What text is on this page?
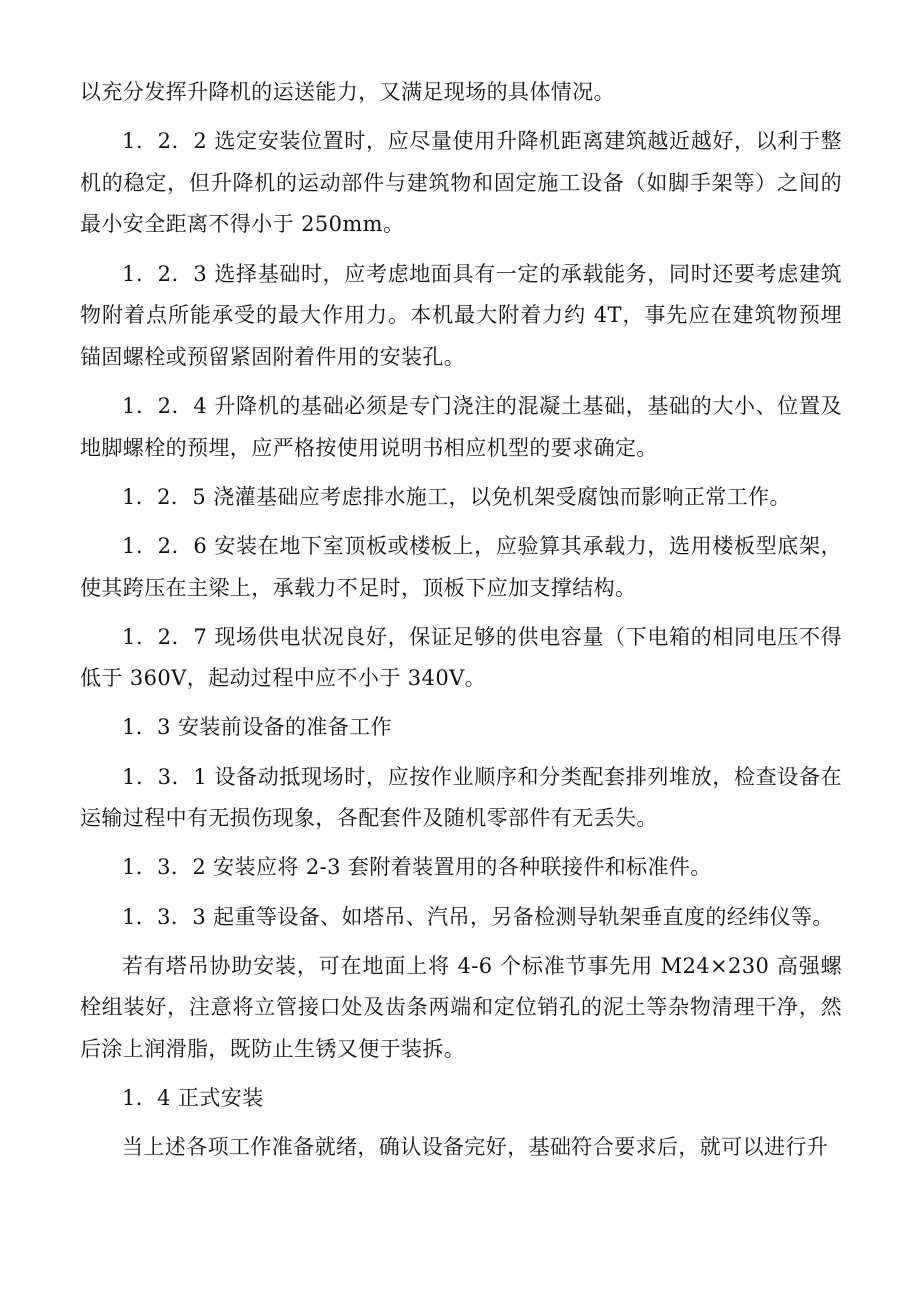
以充分发挥升降机的运送能力，又满足现场的具体情况。

1．2．2 选定安装位置时，应尽量使用升降机距离建筑越近越好，以利于整机的稳定，但升降机的运动部件与建筑物和固定施工设备（如脚手架等）之间的最小安全距离不得小于 250mm。

1．2．3 选择基础时，应考虑地面具有一定的承载能务，同时还要考虑建筑物附着点所能承受的最大作用力。本机最大附着力约 4T，事先应在建筑物预埋锚固螺栓或预留紧固附着件用的安装孔。

1．2．4 升降机的基础必须是专门浇注的混凝土基础，基础的大小、位置及地脚螺栓的预埋，应严格按使用说明书相应机型的要求确定。

1．2．5 浇灌基础应考虑排水施工，以免机架受腐蚀而影响正常工作。

1．2．6 安装在地下室顶板或楼板上，应验算其承载力，选用楼板型底架，使其跨压在主梁上，承载力不足时，顶板下应加支撑结构。

1．2．7 现场供电状况良好，保证足够的供电容量（下电箱的相同电压不得低于 360V，起动过程中应不小于 340V。

1．3 安装前设备的准备工作

1．3．1 设备动抵现场时，应按作业顺序和分类配套排列堆放，检查设备在运输过程中有无损伤现象，各配套件及随机零部件有无丢失。

1．3．2 安装应将 2-3 套附着装置用的各种联接件和标准件。

1．3．3 起重等设备、如塔吊、汽吊，另备检测导轨架垂直度的经纬仪等。

若有塔吊协助安装，可在地面上将 4-6 个标准节事先用 M24×230 高强螺栓组装好，注意将立管接口处及齿条两端和定位销孔的泥土等杂物清理干净，然后涂上润滑脂，既防止生锈又便于装拆。

1．4 正式安装

当上述各项工作准备就绪，确认设备完好，基础符合要求后，就可以进行升
